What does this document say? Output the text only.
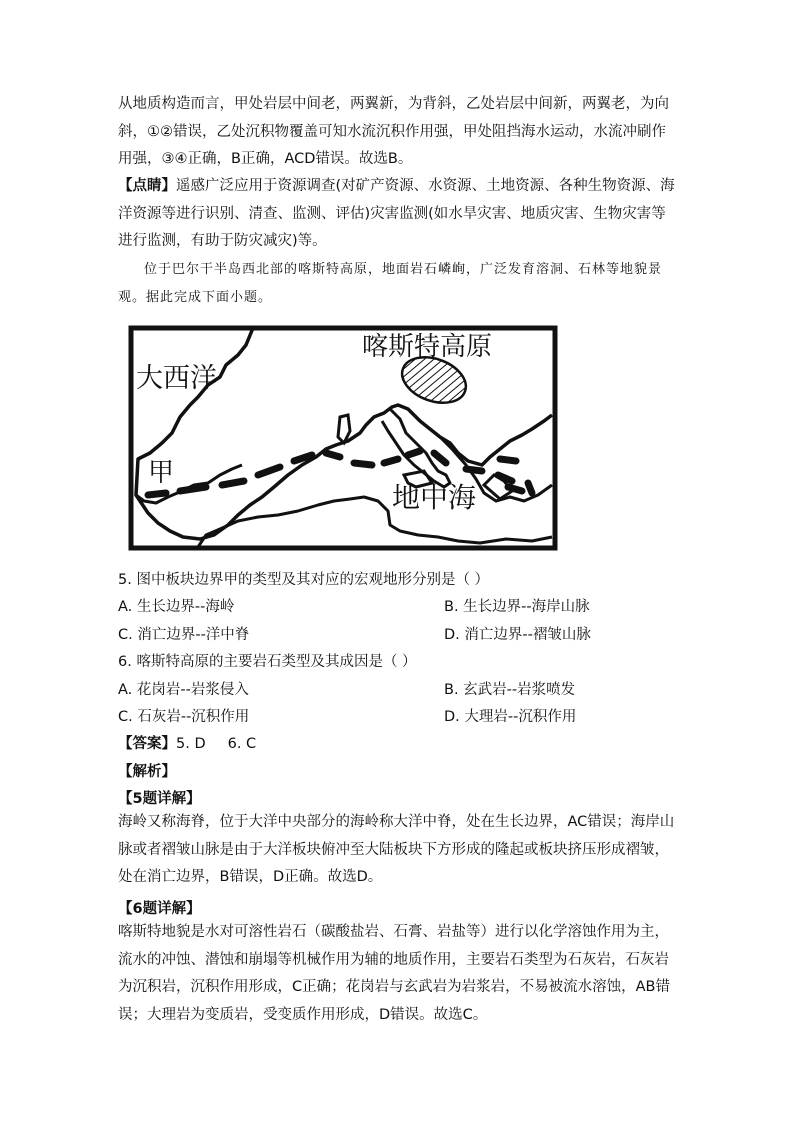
从地质构造而言，甲处岩层中间老，两翼新，为背斜，乙处岩层中间新，两翼老，为向斜，①②错误，乙处沉积物覆盖可知水流沉积作用强，甲处阻挡海水运动，水流冲刷作用强，③④正确，B正确，ACD错误。故选B。

【点睛】遥感广泛应用于资源调查(对矿产资源、水资源、土地资源、各种生物资源、海洋资源等进行识别、清查、监测、评估)灾害监测(如水旱灾害、地质灾害、生物灾害等进行监测，有助于防灾减灾)等。

位于巴尔干半岛西北部的喀斯特高原，地面岩石嶙峋，广泛发育溶洞、石林等地貌景观。据此完成下面小题。

大西洋
喀斯特高原
甲
地中海

5. 图中板块边界甲的类型及其对应的宏观地形分别是（ ）

A. 生长边界--海岭	B. 生长边界--海岸山脉

C. 消亡边界--洋中脊	D. 消亡边界--褶皱山脉

6. 喀斯特高原的主要岩石类型及其成因是（ ）

A. 花岗岩--岩浆侵入	B. 玄武岩--岩浆喷发

C. 石灰岩--沉积作用	D. 大理岩--沉积作用

【答案】5. D 6. C

【解析】

【5题详解】

海岭又称海脊，位于大洋中央部分的海岭称大洋中脊，处在生长边界，AC错误；海岸山脉或者褶皱山脉是由于大洋板块俯冲至大陆板块下方形成的隆起或板块挤压形成褶皱，处在消亡边界，B错误，D正确。故选D。

【6题详解】

喀斯特地貌是水对可溶性岩石（碳酸盐岩、石膏、岩盐等）进行以化学溶蚀作用为主，流水的冲蚀、潜蚀和崩塌等机械作用为辅的地质作用，主要岩石类型为石灰岩，石灰岩为沉积岩，沉积作用形成，C正确；花岗岩与玄武岩为岩浆岩，不易被流水溶蚀，AB错误；大理岩为变质岩，受变质作用形成，D错误。故选C。
